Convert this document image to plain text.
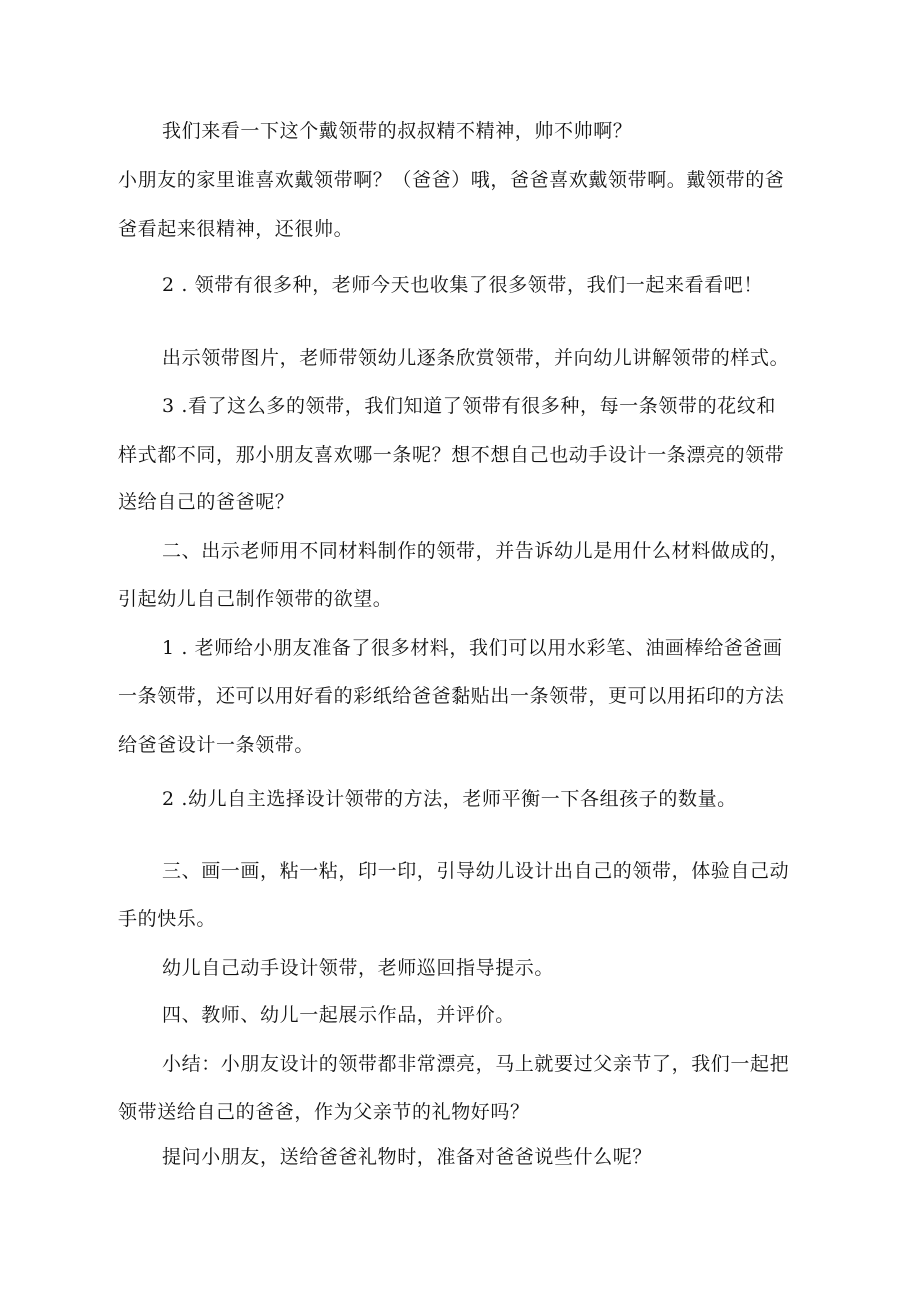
我们来看一下这个戴领带的叔叔精不精神，帅不帅啊？
小朋友的家里谁喜欢戴领带啊？（爸爸）哦，爸爸喜欢戴领带啊。戴领带的爸
爸看起来很精神，还很帅。
2 . 领带有很多种，老师今天也收集了很多领带，我们一起来看看吧！
出示领带图片，老师带领幼儿逐条欣赏领带，并向幼儿讲解领带的样式。
3 .看了这么多的领带，我们知道了领带有很多种，每一条领带的花纹和
样式都不同，那小朋友喜欢哪一条呢？想不想自己也动手设计一条漂亮的领带
送给自己的爸爸呢？
二、出示老师用不同材料制作的领带，并告诉幼儿是用什么材料做成的，
引起幼儿自己制作领带的欲望。
1 . 老师给小朋友准备了很多材料，我们可以用水彩笔、油画棒给爸爸画
一条领带，还可以用好看的彩纸给爸爸黏贴出一条领带，更可以用拓印的方法
给爸爸设计一条领带。
2 .幼儿自主选择设计领带的方法，老师平衡一下各组孩子的数量。
三、画一画，粘一粘，印一印，引导幼儿设计出自己的领带，体验自己动
手的快乐。
幼儿自己动手设计领带，老师巡回指导提示。
四、教师、幼儿一起展示作品，并评价。
小结：小朋友设计的领带都非常漂亮，马上就要过父亲节了，我们一起把
领带送给自己的爸爸，作为父亲节的礼物好吗？
提问小朋友，送给爸爸礼物时，准备对爸爸说些什么呢？
